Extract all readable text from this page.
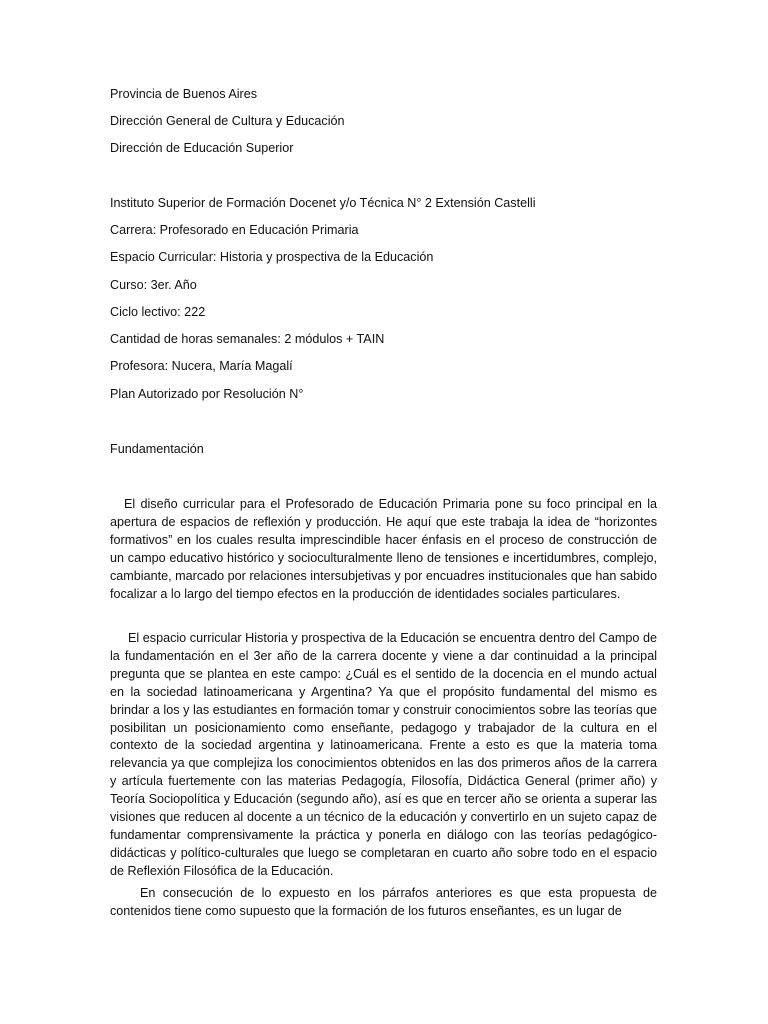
Provincia de Buenos Aires

Dirección General de Cultura y Educación

Dirección de Educación Superior

Instituto Superior de Formación Docenet y/o Técnica N° 2 Extensión Castelli

Carrera: Profesorado en Educación Primaria

Espacio Curricular: Historia y prospectiva de la Educación

Curso: 3er. Año

Ciclo lectivo: 222

Cantidad de horas semanales: 2 módulos + TAIN

Profesora: Nucera, María Magalí

Plan Autorizado por Resolución N°

Fundamentación

El diseño curricular para el Profesorado de Educación Primaria pone su foco principal en la apertura de espacios de reflexión y producción. He aquí que este trabaja la idea de “horizontes formativos” en los cuales resulta imprescindible hacer énfasis en el proceso de construcción de un campo educativo histórico y socioculturalmente lleno de tensiones e incertidumbres, complejo, cambiante, marcado por relaciones intersubjetivas y por encuadres institucionales que han sabido focalizar a lo largo del tiempo efectos en la producción de identidades sociales particulares.

El espacio curricular Historia y prospectiva de la Educación se encuentra dentro del Campo de la fundamentación en el 3er año de la carrera docente y viene a dar continuidad a la principal pregunta que se plantea en este campo: ¿Cuál es el sentido de la docencia en el mundo actual en la sociedad latinoamericana y Argentina? Ya que el propósito fundamental del mismo es brindar a los y las estudiantes en formación tomar y construir conocimientos sobre las teorías que posibilitan un posicionamiento como enseñante, pedagogo y trabajador de la cultura en el contexto de la sociedad argentina y latinoamericana. Frente a esto es que la materia toma relevancia ya que complejiza los conocimientos obtenidos en las dos primeros años de la carrera y artícula fuertemente con las materias Pedagogía, Filosofía, Didáctica General (primer año) y Teoría Sociopolítica y Educación (segundo año), así es que en tercer año se orienta a superar las visiones que reducen al docente a un técnico de la educación y convertirlo en un sujeto capaz de fundamentar comprensivamente la práctica y ponerla en diálogo con las teorías pedagógico-didácticas y político-culturales que luego se completaran en cuarto año sobre todo en el espacio de Reflexión Filosófica de la Educación.

En consecución de lo expuesto en los párrafos anteriores es que esta propuesta de contenidos tiene como supuesto que la formación de los futuros enseñantes, es un lugar de
